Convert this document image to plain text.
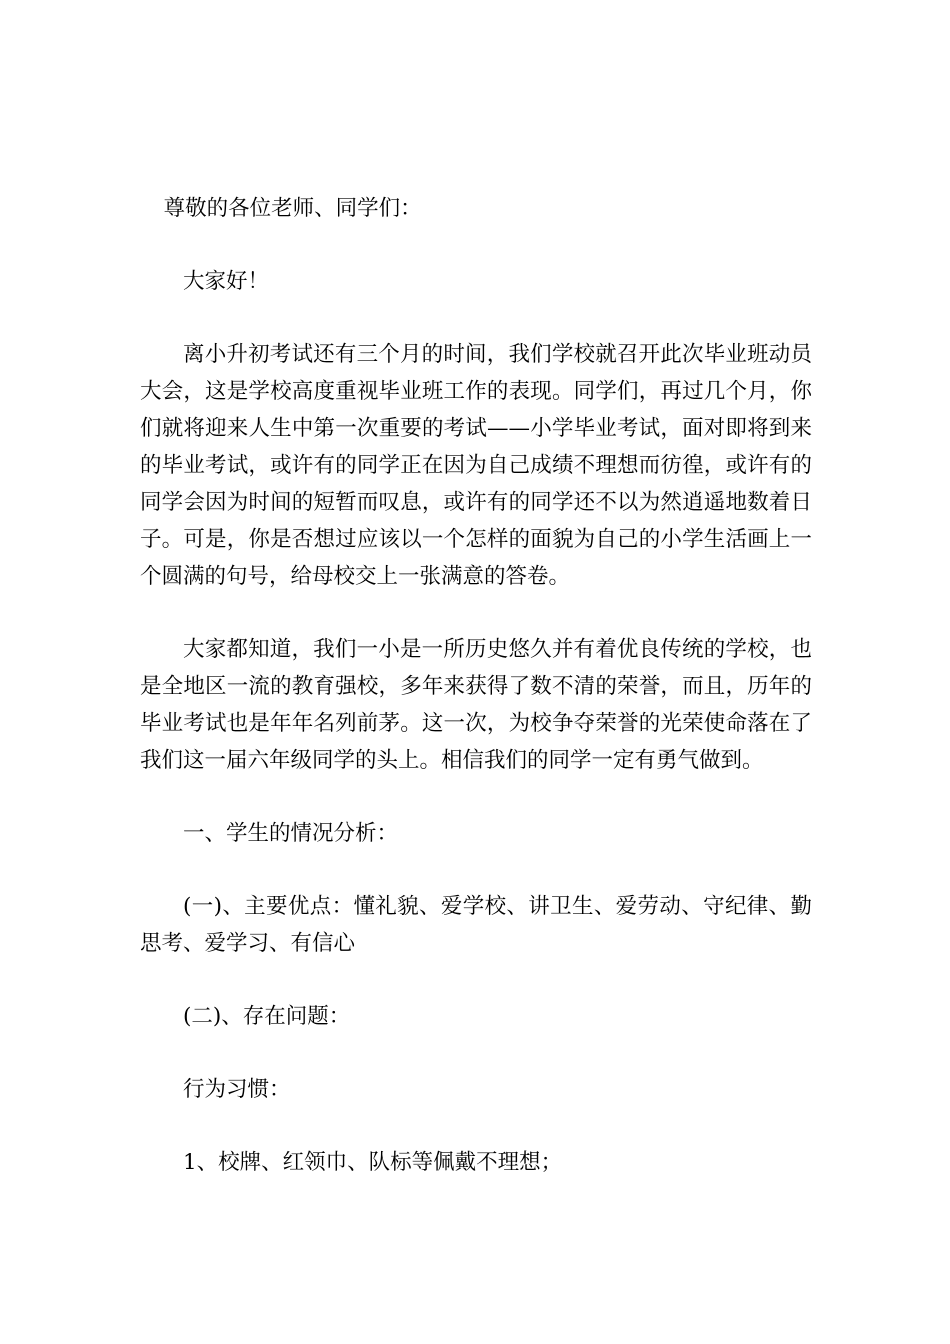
尊敬的各位老师、同学们：

大家好！

离小升初考试还有三个月的时间，我们学校就召开此次毕业班动员大会，这是学校高度重视毕业班工作的表现。同学们，再过几个月，你们就将迎来人生中第一次重要的考试——小学毕业考试，面对即将到来的毕业考试，或许有的同学正在因为自己成绩不理想而彷徨，或许有的同学会因为时间的短暂而叹息，或许有的同学还不以为然逍遥地数着日子。可是，你是否想过应该以一个怎样的面貌为自己的小学生活画上一个圆满的句号，给母校交上一张满意的答卷。

大家都知道，我们一小是一所历史悠久并有着优良传统的学校，也是全地区一流的教育强校，多年来获得了数不清的荣誉，而且，历年的毕业考试也是年年名列前茅。这一次，为校争夺荣誉的光荣使命落在了我们这一届六年级同学的头上。相信我们的同学一定有勇气做到。

一、学生的情况分析：

(一)、主要优点：懂礼貌、爱学校、讲卫生、爱劳动、守纪律、勤思考、爱学习、有信心

(二)、存在问题：

行为习惯：

1、校牌、红领巾、队标等佩戴不理想；
